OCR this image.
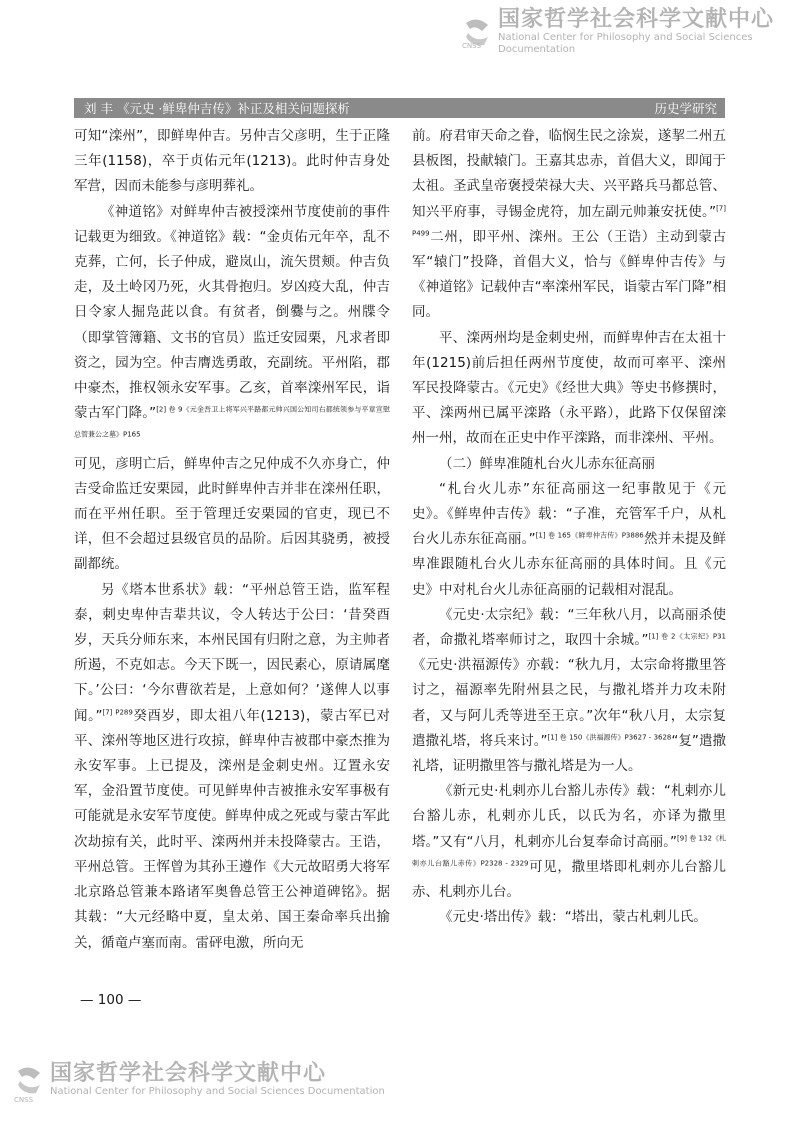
国家哲学社会科学文献中心
National Center for Philosophy and Social Sciences Documentation
CNSS
刘 丰 《元史 ·鲜卑仲吉传》补正及相关问题探析	历史学研究

可知“滦州”，即鲜卑仲吉。另仲吉父彦明，生于正隆三年(1158)，卒于贞佑元年(1213)。此时仲吉身处军营，因而未能参与彦明葬礼。

《神道铭》对鲜卑仲吉被授滦州节度使前的事件记载更为细致。《神道铭》载：“金贞佑元年卒，乱不克葬，亡何，长子仲成，避岚山，流矢贯颊。仲吉负走，及土岭冈乃死，火其骨抱归。岁凶疫大乱，仲吉日令家人掘凫茈以食。有贫者，倒爨与之。州牒令（即掌管簿籍、文书的官员）监迁安园栗，凡求者即资之，园为空。仲吉膺选勇敢，充副统。平州陷，郡中豪杰，推权领永安军事。乙亥，首率滦州军民，诣蒙古军门降。”$^{[2] 卷 9《元金吾卫上将军兴平路都元帅兴国公知司右都统领参与平章宣慰总管兼公之墓》P165}$

可见，彦明亡后，鲜卑仲吉之兄仲成不久亦身亡，仲吉受命监迁安栗园，此时鲜卑仲吉并非在滦州任职，而在平州任职。至于管理迁安栗园的官吏，现已不详，但不会超过县级官员的品阶。后因其骁勇，被授副都统。

另《塔本世系状》载：“平州总管王诰，监军程泰，刺史卑仲吉辈共议，令人转达于公曰：‘昔癸酉岁，天兵分师东来，本州民国有归附之意，为主帅者所遏，不克如志。今天下既一，因民素心，原请属麾下。’公曰：‘今尔曹欲若是，上意如何？’遂俾人以事闻。”$^{[7] P289}$癸酉岁，即太祖八年(1213)，蒙古军已对平、滦州等地区进行攻掠，鲜卑仲吉被郡中豪杰推为永安军事。上已提及，滦州是金刺史州。辽置永安军，金沿置节度使。可见鲜卑仲吉被推永安军事极有可能就是永安军节度使。鲜卑仲成之死或与蒙古军此次劫掠有关，此时平、滦两州并未投降蒙古。王诰，平州总管。王恽曾为其孙王遵作《大元故昭勇大将军北京路总管兼本路诸军奥鲁总管王公神道碑铭》。据其载：“大元经略中夏，皇太弟、国王秦命率兵出揄关，循竜卢塞而南。雷砰电激，所向无

前。府君审天命之眷，临悯生民之涂炭，遂挈二州五县板图，投献辕门。王嘉其忠赤，首倡大义，即闻于太祖。圣武皇帝褒授荣禄大夫、兴平路兵马都总管、知兴平府事，寻锡金虎符，加左副元帅兼安抚使。”$^{[7] P499}$二州，即平州、滦州。王公（王诰）主动到蒙古军“辕门”投降，首倡大义，恰与《鲜卑仲吉传》与《神道铭》记载仲吉“率滦州军民，诣蒙古军门降”相同。

平、滦两州均是金刺史州，而鲜卑仲吉在太祖十年(1215)前后担任两州节度使，故而可率平、滦州军民投降蒙古。《元史》《经世大典》等史书修撰时，平、滦两州已属平滦路（永平路），此路下仅保留滦州一州，故而在正史中作平滦路，而非滦州、平州。

（二）鲜卑准随札台火儿赤东征高丽

“札台火儿赤”东征高丽这一纪事散见于《元史》。《鲜卑仲吉传》载：“子准，充管军千户，从札台火儿赤东征高丽。”$^{[1] 卷 165《鲜卑仲吉传》P3886}$然并未提及鲜卑准跟随札台火儿赤东征高丽的具体时间。且《元史》中对札台火儿赤征高丽的记载相对混乱。

《元史·太宗纪》载：“三年秋八月，以高丽杀使者，命撒礼塔率师讨之，取四十余城。”$^{[1] 卷 2《太宗纪》P31}$《元史·洪福源传》亦载：“秋九月，太宗命将撒里答讨之，福源率先附州县之民，与撒礼塔并力攻未附者，又与阿儿秃等进至王京。”次年“秋八月，太宗复遣撒礼塔，将兵来讨。”$^{[1] 卷 150《洪福源传》P3627 - 3628}$“复”遣撒礼塔，证明撒里答与撒礼塔是为一人。

《新元史·札剌亦儿台豁儿赤传》载：“札剌亦儿台豁儿赤，札剌亦儿氏，以氏为名，亦译为撒里塔。”又有“八月，札剌亦儿台复奉命讨高丽。”$^{[9] 卷 132《札剌亦儿台豁儿赤传》P2328 - 2329}$可见，撒里塔即札剌亦儿台豁儿赤、札剌亦儿台。

《元史·塔出传》载：“塔出，蒙古札剌儿氏。

— 100 —
国家哲学社会科学文献中心
National Center for Philosophy and Social Sciences Documentation
CNSS
